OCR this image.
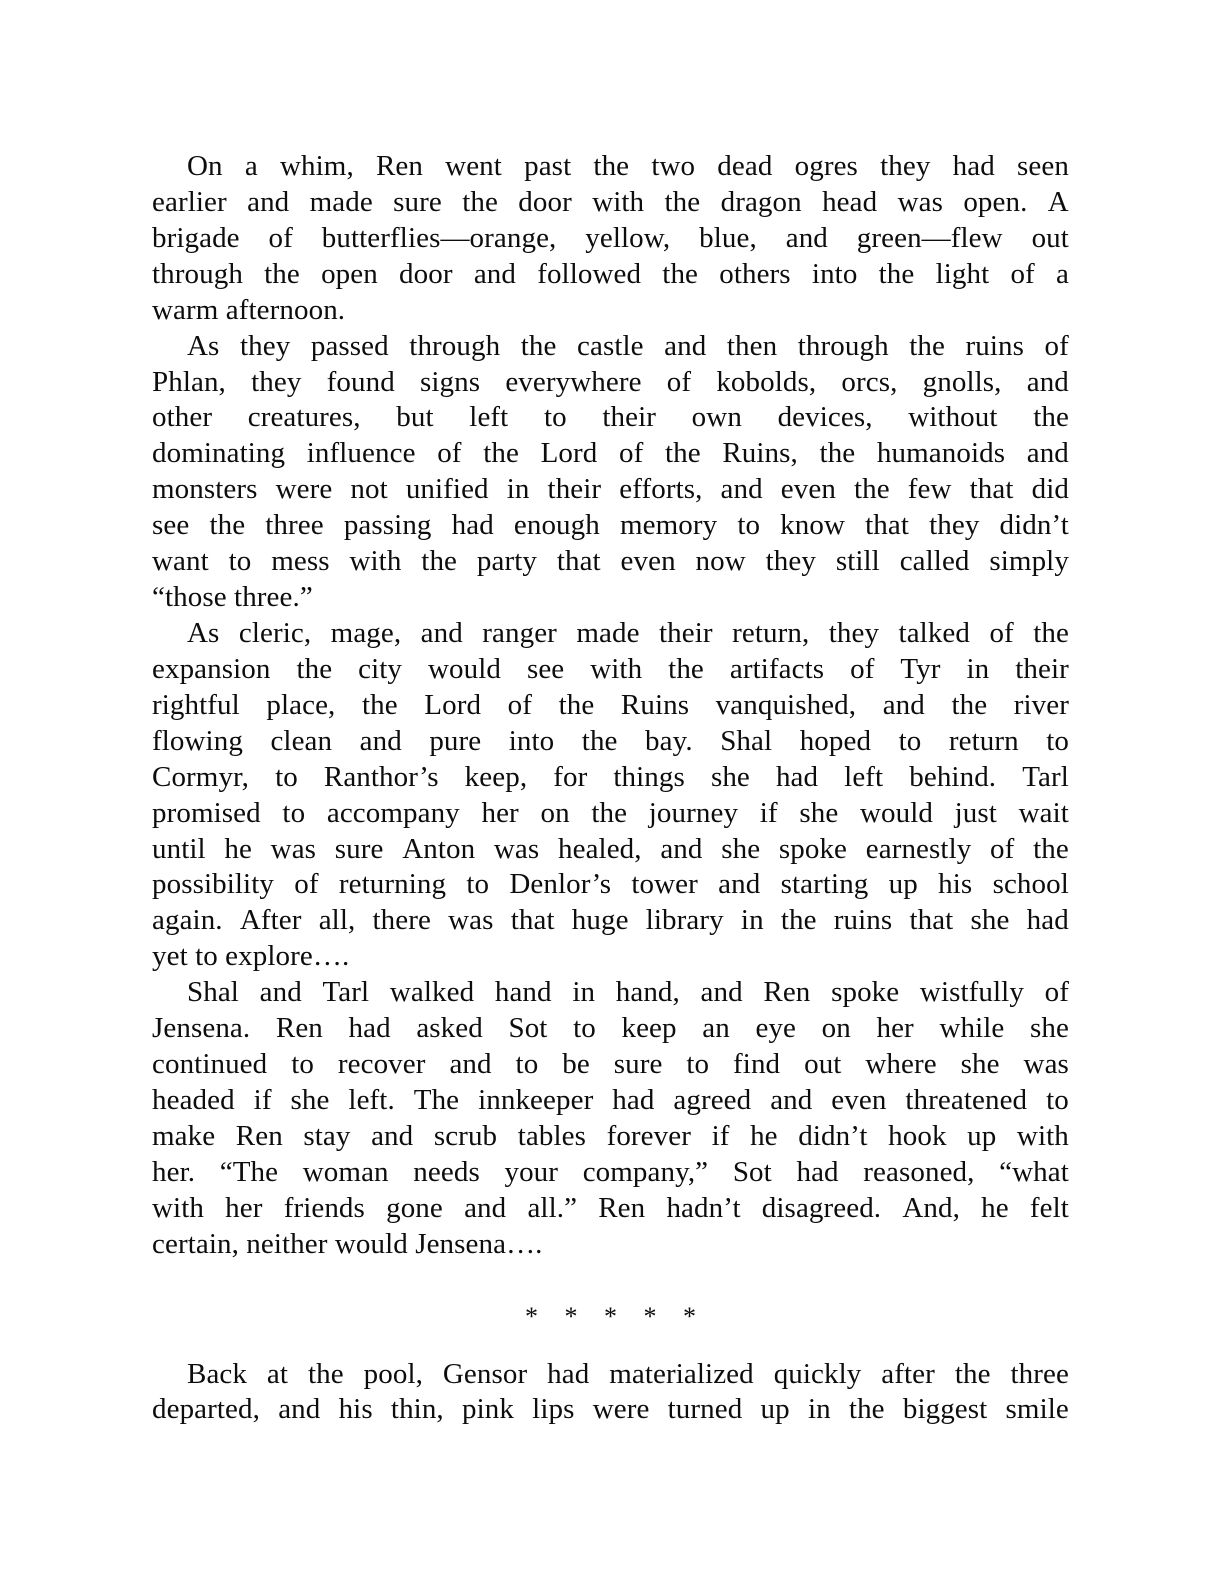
On a whim, Ren went past the two dead ogres they had seen
earlier and made sure the door with the dragon head was open. A
brigade of butterflies—orange, yellow, blue, and green—flew out
through the open door and followed the others into the light of a
warm afternoon.
As they passed through the castle and then through the ruins of
Phlan, they found signs everywhere of kobolds, orcs, gnolls, and
other creatures, but left to their own devices, without the
dominating influence of the Lord of the Ruins, the humanoids and
monsters were not unified in their efforts, and even the few that did
see the three passing had enough memory to know that they didn’t
want to mess with the party that even now they still called simply
“those three.”
As cleric, mage, and ranger made their return, they talked of the
expansion the city would see with the artifacts of Tyr in their
rightful place, the Lord of the Ruins vanquished, and the river
flowing clean and pure into the bay. Shal hoped to return to
Cormyr, to Ranthor’s keep, for things she had left behind. Tarl
promised to accompany her on the journey if she would just wait
until he was sure Anton was healed, and she spoke earnestly of the
possibility of returning to Denlor’s tower and starting up his school
again. After all, there was that huge library in the ruins that she had
yet to explore….
Shal and Tarl walked hand in hand, and Ren spoke wistfully of
Jensena. Ren had asked Sot to keep an eye on her while she
continued to recover and to be sure to find out where she was
headed if she left. The innkeeper had agreed and even threatened to
make Ren stay and scrub tables forever if he didn’t hook up with
her. “The woman needs your company,” Sot had reasoned, “what
with her friends gone and all.” Ren hadn’t disagreed. And, he felt
certain, neither would Jensena….
* * * * *
Back at the pool, Gensor had materialized quickly after the three
departed, and his thin, pink lips were turned up in the biggest smile
